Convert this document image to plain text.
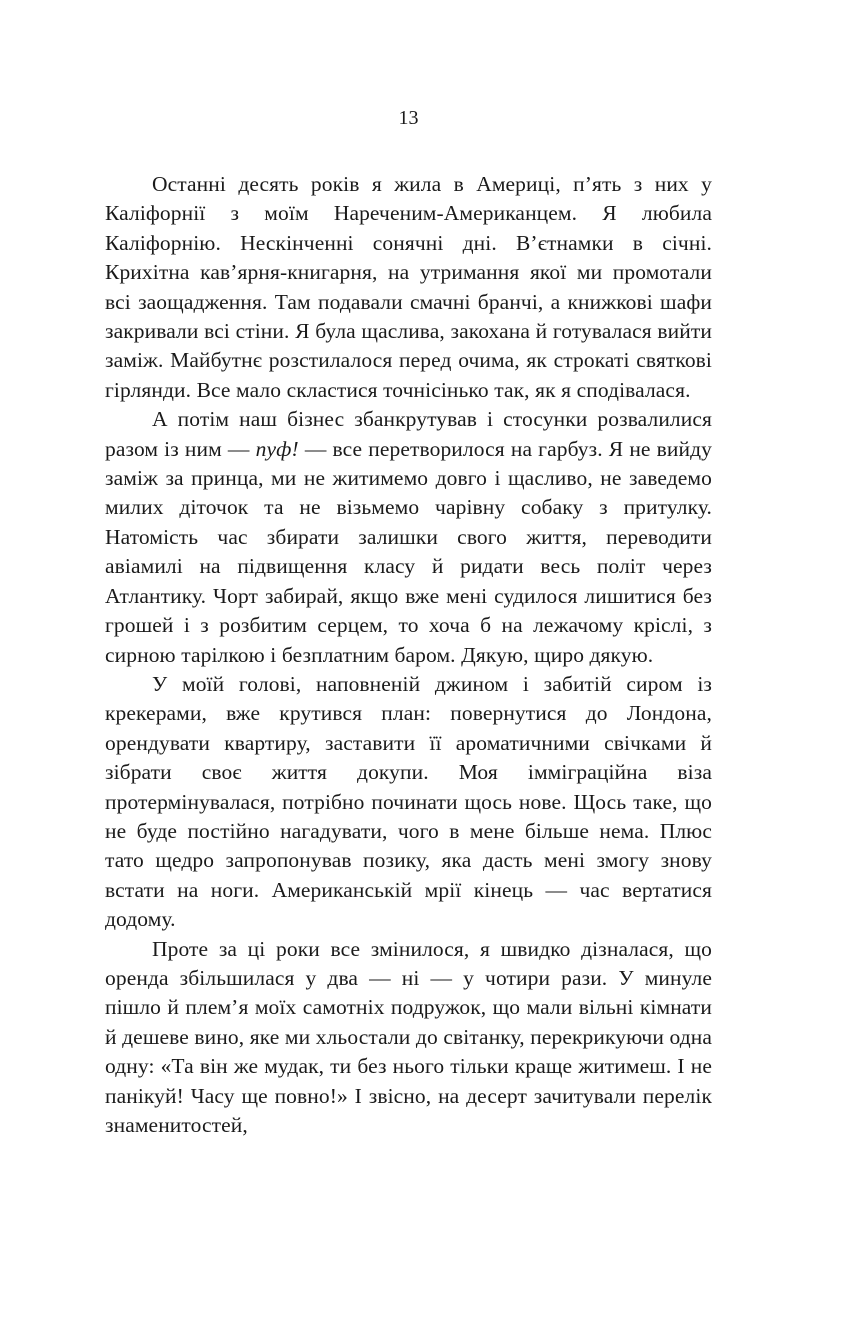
13

Останні десять років я жила в Америці, п’ять з них у Каліфорнії з моїм Нареченим-Американцем. Я любила Каліфорнію. Нескінченні сонячні дні. В’єтнамки в січні. Крихітна кав’ярня-книгарня, на утримання якої ми промотали всі заощадження. Там подавали смачні бранчі, а книжкові шафи закривали всі стіни. Я була щаслива, закохана й готувалася вийти заміж. Майбутнє розстилалося перед очима, як строкаті святкові гірлянди. Все мало скластися точнісінько так, як я сподівалася.

А потім наш бізнес збанкрутував і стосунки розвалилися разом із ним — пуф! — все перетворилося на гарбуз. Я не вийду заміж за принца, ми не житимемо довго і щасливо, не заведемо милих діточок та не візьмемо чарівну собаку з притулку. Натомість час збирати залишки свого життя, переводити авіамилі на підвищення класу й ридати весь політ через Атлантику. Чорт забирай, якщо вже мені судилося лишитися без грошей і з розбитим серцем, то хоча б на лежачому кріслі, з сирною тарілкою і безплатним баром. Дякую, щиро дякую.

У моїй голові, наповненій джином і забитій сиром із крекерами, вже крутився план: повернутися до Лондона, орендувати квартиру, заставити її ароматичними свічками й зібрати своє життя докупи. Моя імміграційна віза протермінувалася, потрібно починати щось нове. Щось таке, що не буде постійно нагадувати, чого в мене більше нема. Плюс тато щедро запропонував позику, яка дасть мені змогу знову встати на ноги. Американській мрії кінець — час вертатися додому.

Проте за ці роки все змінилося, я швидко дізналася, що оренда збільшилася у два — ні — у чотири рази. У минуле пішло й плем’я моїх самотніх подружок, що мали вільні кімнати й дешеве вино, яке ми хльостали до світанку, перекрикуючи одна одну: «Та він же мудак, ти без нього тільки краще житимеш. І не панікуй! Часу ще повно!» І звісно, на десерт зачитували перелік знаменитостей,
